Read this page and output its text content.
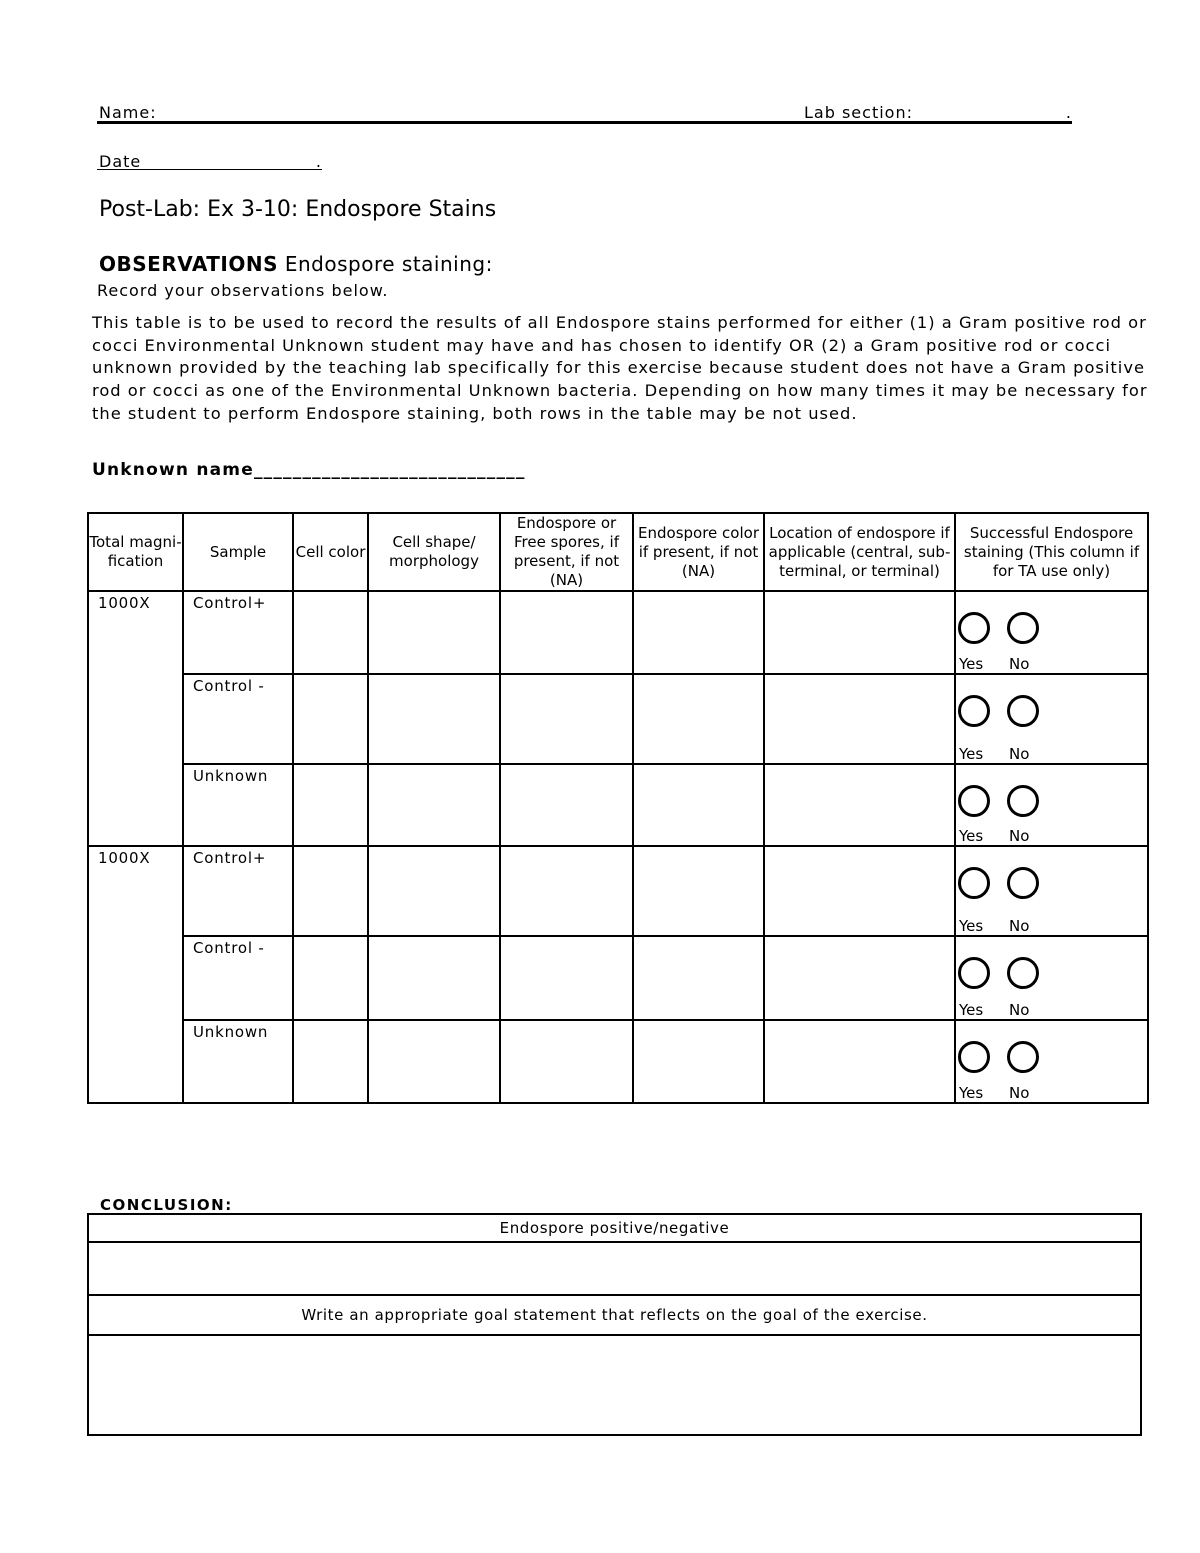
Name:	Lab section:	.
Date	.
Post-Lab: Ex 3-10: Endospore Stains
OBSERVATIONS Endospore staining:
Record your observations below.
This table is to be used to record the results of all Endospore stains performed for either (1) a Gram positive rod or cocci Environmental Unknown student may have and has chosen to identify OR (2) a Gram positive rod or cocci unknown provided by the teaching lab specifically for this exercise because student does not have a Gram positive rod or cocci as one of the Environmental Unknown bacteria. Depending on how many times it may be necessary for the student to perform Endospore staining, both rows in the table may be not used.
Unknown name____________________________
Total magni- fication	Sample	Cell color	Cell shape/ morphology	Endospore or Free spores, if present, if not (NA)	Endospore color if present, if not (NA)	Location of endospore if applicable (central, sub-terminal, or terminal)	Successful Endospore staining (This column if for TA use only)
1000X	Control+						Yes No

	Control -						Yes No

	Unknown						Yes No

1000X	Control+						Yes No

	Control -						Yes No

	Unknown						Yes No
CONCLUSION:
Endospore positive/negative

Write an appropriate goal statement that reflects on the goal of the exercise.
